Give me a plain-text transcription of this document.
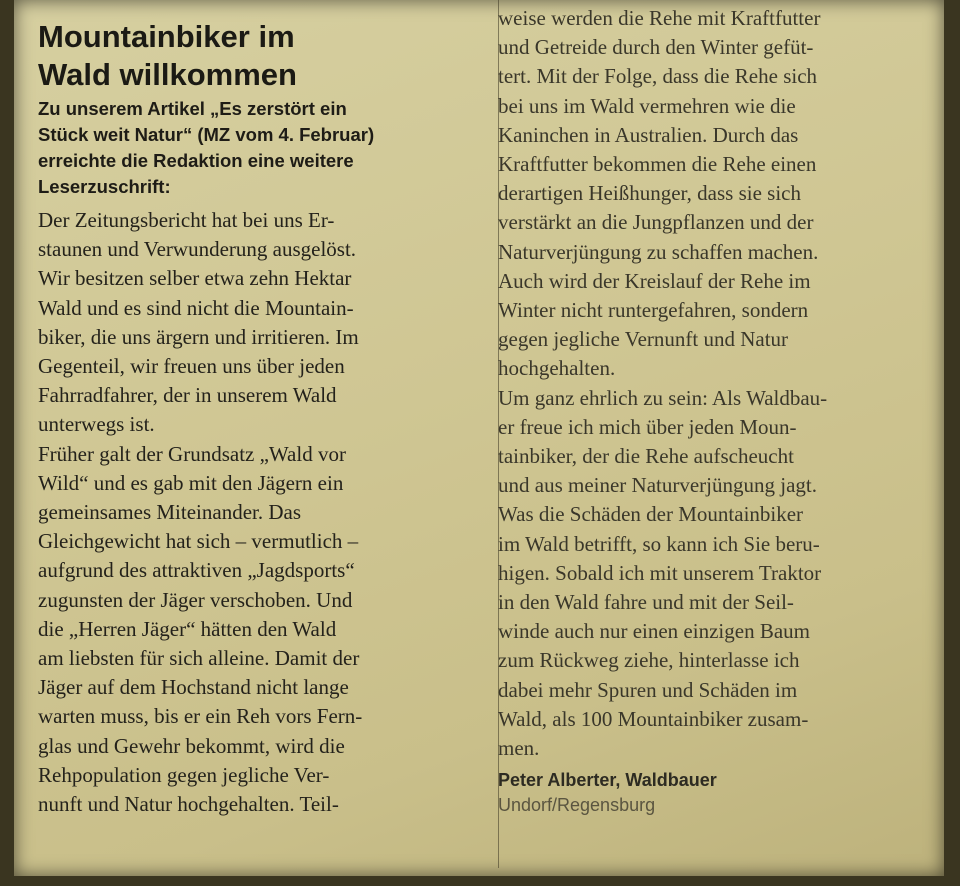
Mountainbiker im
Wald willkommen
Zu unserem Artikel „Es zerstört ein
Stück weit Natur“ (MZ vom 4. Februar)
erreichte die Redaktion eine weitere
Leserzuschrift:

Der Zeitungsbericht hat bei uns Er-
staunen und Verwunderung ausgelöst.
Wir besitzen selber etwa zehn Hektar
Wald und es sind nicht die Mountain-
biker, die uns ärgern und irritieren. Im
Gegenteil, wir freuen uns über jeden
Fahrradfahrer, der in unserem Wald
unterwegs ist.
Früher galt der Grundsatz „Wald vor
Wild“ und es gab mit den Jägern ein
gemeinsames Miteinander. Das
Gleichgewicht hat sich – vermutlich –
aufgrund des attraktiven „Jagdsports“
zugunsten der Jäger verschoben. Und
die „Herren Jäger“ hätten den Wald
am liebsten für sich alleine. Damit der
Jäger auf dem Hochstand nicht lange
warten muss, bis er ein Reh vors Fern-
glas und Gewehr bekommt, wird die
Rehpopulation gegen jegliche Ver-
nunft und Natur hochgehalten. Teil-

weise werden die Rehe mit Kraftfutter
und Getreide durch den Winter gefüt-
tert. Mit der Folge, dass die Rehe sich
bei uns im Wald vermehren wie die
Kaninchen in Australien. Durch das
Kraftfutter bekommen die Rehe einen
derartigen Heißhunger, dass sie sich
verstärkt an die Jungpflanzen und der
Naturverjüngung zu schaffen machen.
Auch wird der Kreislauf der Rehe im
Winter nicht runtergefahren, sondern
gegen jegliche Vernunft und Natur
hochgehalten.
Um ganz ehrlich zu sein: Als Waldbau-
er freue ich mich über jeden Moun-
tainbiker, der die Rehe aufscheucht
und aus meiner Naturverjüngung jagt.
Was die Schäden der Mountainbiker
im Wald betrifft, so kann ich Sie beru-
higen. Sobald ich mit unserem Traktor
in den Wald fahre und mit der Seil-
winde auch nur einen einzigen Baum
zum Rückweg ziehe, hinterlasse ich
dabei mehr Spuren und Schäden im
Wald, als 100 Mountainbiker zusam-
men.

Peter Alberter, Waldbauer
Undorf/Regensburg
